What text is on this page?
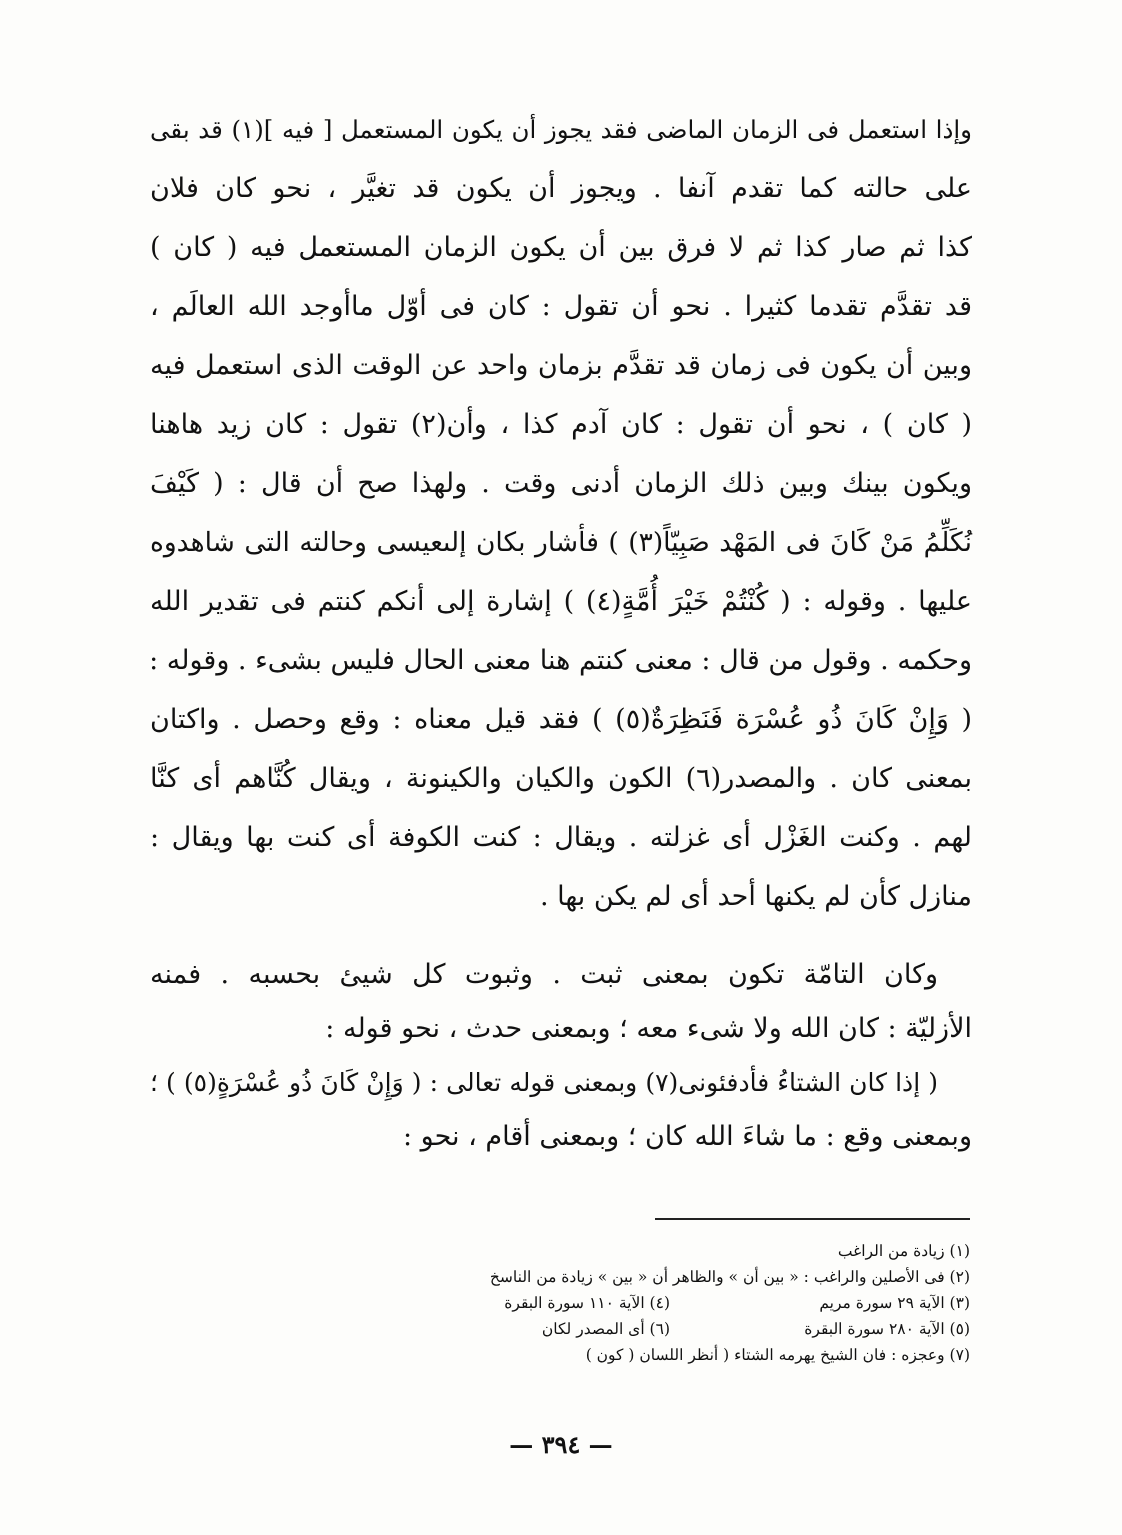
وإذا استعمل فى الزمان الماضى فقد يجوز أن يكون المستعمل [ فيه ](١) قد بقى
على حالته كما تقدم آنفا . ويجوز أن يكون قد تغيَّر ، نحو كان فلان
كذا ثم صار كذا ثم لا فرق بين أن يكون الزمان المستعمل فيه ( كان )
قد تقدَّم تقدما كثيرا . نحو أن تقول : كان فى أوّل ماأوجد الله العالَم ،
وبين أن يكون فى زمان قد تقدَّم بزمان واحد عن الوقت الذى استعمل فيه
( كان ) ، نحو أن تقول : كان آدم كذا ، وأن(٢) تقول : كان زيد هاهنا
ويكون بينك وبين ذلك الزمان أدنى وقت . ولهذا صح أن قال : ( كَيْفَ
نُكَلِّمُ مَنْ كَانَ فى المَهْد صَبِيّاً(٣) ) فأشار بكان إلىعيسى وحالته التى شاهدوه
عليها . وقوله : ( كُنْتُمْ خَيْرَ أُمَّةٍ(٤) ) إشارة إلى أنكم كنتم فى تقدير الله
وحكمه . وقول من قال : معنى كنتم هنا معنى الحال فليس بشىء . وقوله :
( وَإِنْ كَانَ ذُو عُسْرَة فَنَظِرَةٌ(٥) ) فقد قيل معناه : وقع وحصل . واكتان
بمعنى كان . والمصدر(٦) الكون والكيان والكينونة ، ويقال كُنَّاهم أى كنَّا
لهم . وكنت الغَزْل أى غزلته . ويقال : كنت الكوفة أى كنت بها ويقال :
منازل كأن لم يكنها أحد أى لم يكن بها .
وكان التامّة تكون بمعنى ثبت . وثبوت كل شيئ بحسبه . فمنه
الأزليّة : كان الله ولا شىء معه ؛ وبمعنى حدث ، نحو قوله :
( إذا كان الشتاءُ فأدفئونى(٧) وبمعنى قوله تعالى : ( وَإِنْ كَانَ ذُو عُسْرَةٍ(٥) ) ؛
وبمعنى وقع : ما شاءَ الله كان ؛ وبمعنى أقام ، نحو :
(١) زيادة من الراغب
(٢) فى الأصلين والراغب : « بين أن » والظاهر أن « بين » زيادة من الناسخ
(٣) الآية ٢٩ سورة مريم
(٤) الآية ١١٠ سورة البقرة
(٥) الآية ٢٨٠ سورة البقرة
(٦) أى المصدر لكان
(٧) وعجزه : فان الشيخ يهرمه الشتاء ( أنظر اللسان ( كون )
— ٣٩٤ —
